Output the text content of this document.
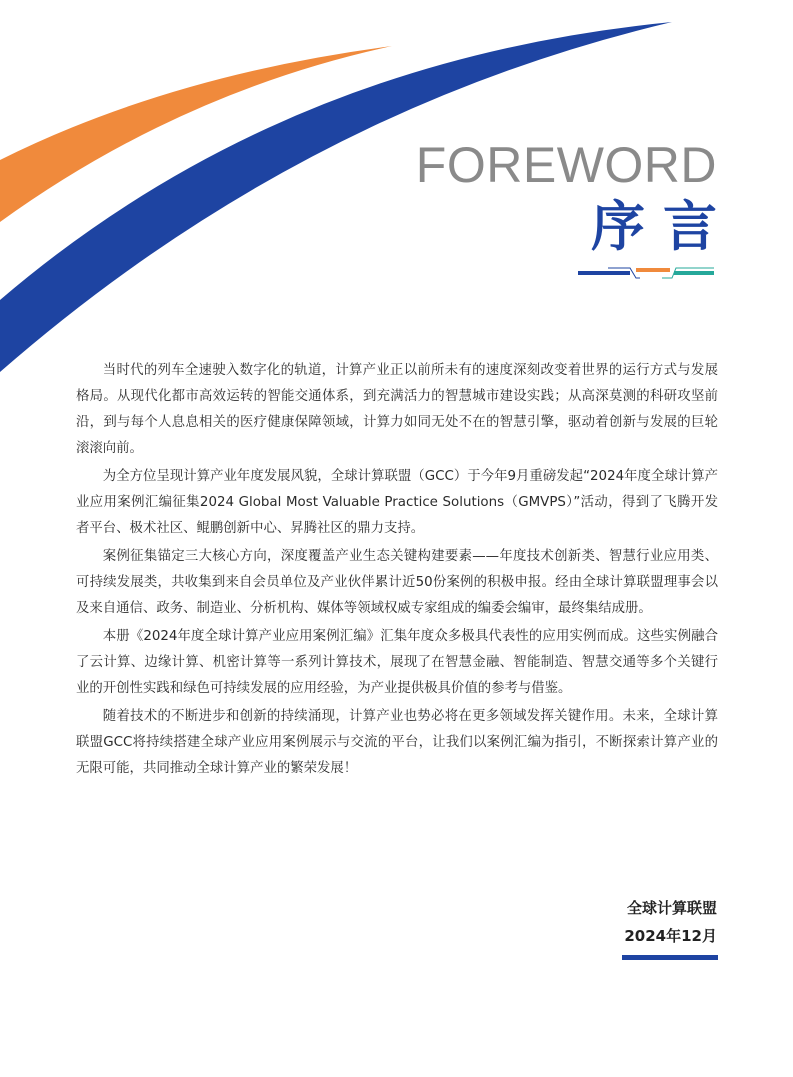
FOREWORD
序言

当时代的列车全速驶入数字化的轨道，计算产业正以前所未有的速度深刻改变着世界的运行方式与发展格局。从现代化都市高效运转的智能交通体系，到充满活力的智慧城市建设实践；从高深莫测的科研攻坚前沿，到与每个人息息相关的医疗健康保障领域，计算力如同无处不在的智慧引擎，驱动着创新与发展的巨轮滚滚向前。

为全方位呈现计算产业年度发展风貌，全球计算联盟（GCC）于今年9月重磅发起“2024年度全球计算产业应用案例汇编征集2024 Global Most Valuable Practice Solutions（GMVPS）”活动，得到了飞腾开发者平台、极术社区、鲲鹏创新中心、昇腾社区的鼎力支持。

案例征集锚定三大核心方向，深度覆盖产业生态关键构建要素——年度技术创新类、智慧行业应用类、可持续发展类，共收集到来自会员单位及产业伙伴累计近50份案例的积极申报。经由全球计算联盟理事会以及来自通信、政务、制造业、分析机构、媒体等领域权威专家组成的编委会编审，最终集结成册。

本册《2024年度全球计算产业应用案例汇编》汇集年度众多极具代表性的应用实例而成。这些实例融合了云计算、边缘计算、机密计算等一系列计算技术，展现了在智慧金融、智能制造、智慧交通等多个关键行业的开创性实践和绿色可持续发展的应用经验，为产业提供极具价值的参考与借鉴。

随着技术的不断进步和创新的持续涌现，计算产业也势必将在更多领域发挥关键作用。未来，全球计算联盟GCC将持续搭建全球产业应用案例展示与交流的平台，让我们以案例汇编为指引，不断探索计算产业的无限可能，共同推动全球计算产业的繁荣发展！

全球计算联盟
2024年12月
